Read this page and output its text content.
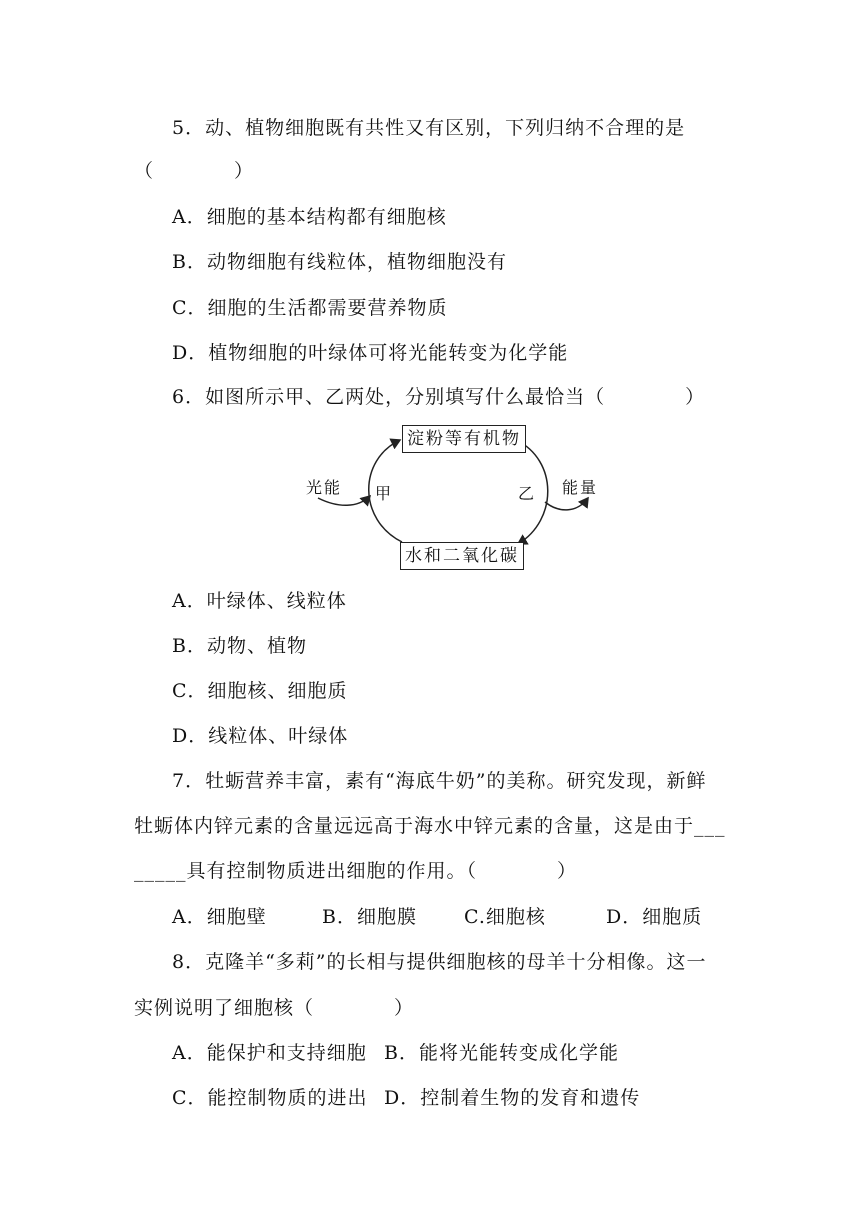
5．动、植物细胞既有共性又有区别，下列归纳不合理的是
（　　　　）
A．细胞的基本结构都有细胞核
B．动物细胞有线粒体，植物细胞没有
C．细胞的生活都需要营养物质
D．植物细胞的叶绿体可将光能转变为化学能
6．如图所示甲、乙两处，分别填写什么最恰当（　　　　）
淀粉等有机物
水和二氧化碳
光能 甲	乙 能量
A．叶绿体、线粒体
B．动物、植物
C．细胞核、细胞质
D．线粒体、叶绿体
7．牡蛎营养丰富，素有“海底牛奶”的美称。研究发现，新鲜
牡蛎体内锌元素的含量远远高于海水中锌元素的含量，这是由于___
_____具有控制物质进出细胞的作用。（　　　　）
A．细胞壁	B．细胞膜 C.细胞核	D．细胞质
8．克隆羊“多莉”的长相与提供细胞核的母羊十分相像。这一
实例说明了细胞核（　　　　）
A．能保护和支持细胞 B．能将光能转变成化学能
C．能控制物质的进出 D．控制着生物的发育和遗传
